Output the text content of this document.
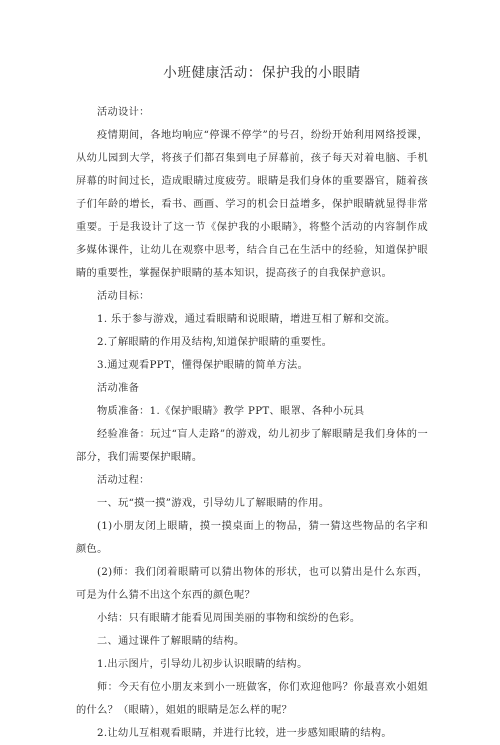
小班健康活动：保护我的小眼睛

活动设计：

疫情期间，各地均响应“停课不停学”的号召，纷纷开始利用网络授课，从幼儿园到大学，将孩子们都召集到电子屏幕前，孩子每天对着电脑、手机屏幕的时间过长，造成眼睛过度疲劳。眼睛是我们身体的重要器官，随着孩子们年龄的增长，看书、画画、学习的机会日益增多，保护眼睛就显得非常重要。于是我设计了这一节《保护我的小眼睛》，将整个活动的内容制作成多媒体课件，让幼儿在观察中思考，结合自己在生活中的经验，知道保护眼睛的重要性，掌握保护眼睛的基本知识，提高孩子的自我保护意识。

活动目标：

1. 乐于参与游戏，通过看眼睛和说眼睛，增进互相了解和交流。

2.了解眼睛的作用及结构,知道保护眼睛的重要性。

3.通过观看PPT，懂得保护眼睛的简单方法。

活动准备

物质准备：1.《保护眼睛》教学 PPT、眼罩、各种小玩具

经验准备：玩过“盲人走路”的游戏，幼儿初步了解眼睛是我们身体的一部分，我们需要保护眼睛。

活动过程：

一、玩“摸一摸”游戏，引导幼儿了解眼睛的作用。

(1)小朋友闭上眼睛，摸一摸桌面上的物品，猜一猜这些物品的名字和颜色。

(2)师：我们闭着眼睛可以猜出物体的形状，也可以猜出是什么东西，可是为什么猜不出这个东西的颜色呢？

小结：只有眼睛才能看见周围美丽的事物和缤纷的色彩。

二、通过课件了解眼睛的结构。

1.出示图片，引导幼儿初步认识眼睛的结构。

师：今天有位小朋友来到小一班做客，你们欢迎他吗？你最喜欢小姐姐的什么？（眼睛），姐姐的眼睛是怎么样的呢？

2.让幼儿互相观看眼睛，并进行比较，进一步感知眼睛的结构。
